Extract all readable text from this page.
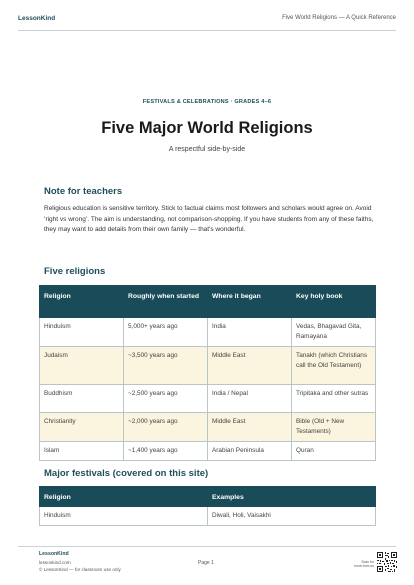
LessonKind	Five World Religions — A Quick Reference
FESTIVALS & CELEBRATIONS · GRADES 4–6
Five Major World Religions
A respectful side-by-side
Note for teachers

Religious education is sensitive territory. Stick to factual claims most followers and scholars would agree on. Avoid ‘right vs wrong’. The aim is understanding, not comparison-shopping. If you have students from any of these faiths, they may want to add details from their own family — that's wonderful.

Five religions
Religion	Roughly when started	Where it began	Key holy book
Hinduism	5,000+ years ago	India	Vedas, Bhagavad Gita, Ramayana
Judaism	~3,500 years ago	Middle East	Tanakh (which Christians call the Old Testament)
Buddhism	~2,500 years ago	India / Nepal	Tripitaka and other sutras
Christianity	~2,000 years ago	Middle East	Bible (Old + New Testaments)
Islam	~1,400 years ago	Arabian Peninsula	Quran
Major festivals (covered on this site)
Religion	Examples
Hinduism	Diwali, Holi, Vaisakhi
LessonKind
lessonkind.com
© LessonKind — for classroom use only
Page 1	Scan for
more from us
